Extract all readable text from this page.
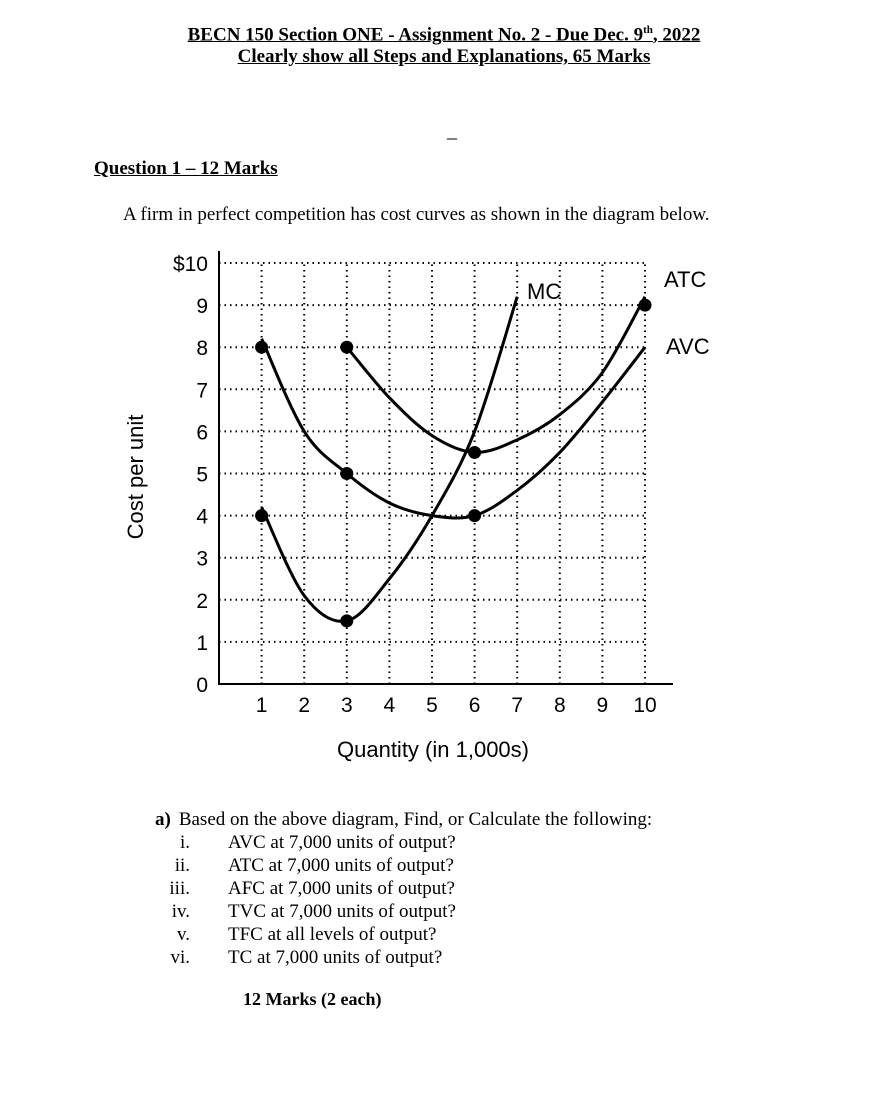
BECN 150 Section ONE - Assignment No. 2 - Due Dec. 9th, 2022
Clearly show all Steps and Explanations, 65 Marks
_
Question 1 – 12 Marks
A firm in perfect competition has cost curves as shown in the diagram below.
0
1
2
3
4
5
6
7
8
9
$10
1 2 3 4 5 6 7 8 9 10
MC	ATC
AVC
Quantity (in 1,000s)
Cost per unit
a) Based on the above diagram, Find, or Calculate the following:
i. AVC at 7,000 units of output?
ii. ATC at 7,000 units of output?
iii. AFC at 7,000 units of output?
iv. TVC at 7,000 units of output?
v. TFC at all levels of output?
vi. TC at 7,000 units of output?
12 Marks (2 each)
